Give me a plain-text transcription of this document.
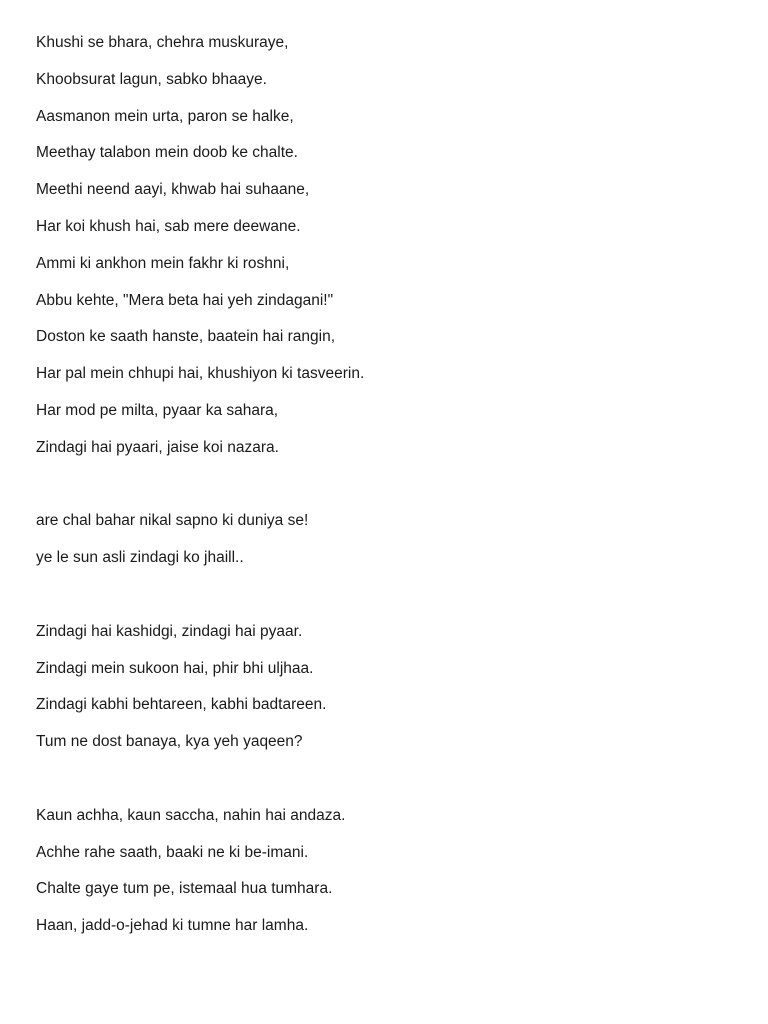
Khushi se bhara, chehra muskuraye,
Khoobsurat lagun, sabko bhaaye.
Aasmanon mein urta, paron se halke,
Meethay talabon mein doob ke chalte.
Meethi neend aayi, khwab hai suhaane,
Har koi khush hai, sab mere deewane.
Ammi ki ankhon mein fakhr ki roshni,
Abbu kehte, "Mera beta hai yeh zindagani!"
Doston ke saath hanste, baatein hai rangin,
Har pal mein chhupi hai, khushiyon ki tasveerin.
Har mod pe milta, pyaar ka sahara,
Zindagi hai pyaari, jaise koi nazara.
are chal bahar nikal sapno ki duniya se!
ye le sun asli zindagi ko jhaill..
Zindagi hai kashidgi, zindagi hai pyaar.
Zindagi mein sukoon hai, phir bhi uljhaa.
Zindagi kabhi behtareen, kabhi badtareen.
Tum ne dost banaya, kya yeh yaqeen?
Kaun achha, kaun saccha, nahin hai andaza.
Achhe rahe saath, baaki ne ki be-imani.
Chalte gaye tum pe, istemaal hua tumhara.
Haan, jadd-o-jehad ki tumne har lamha.
